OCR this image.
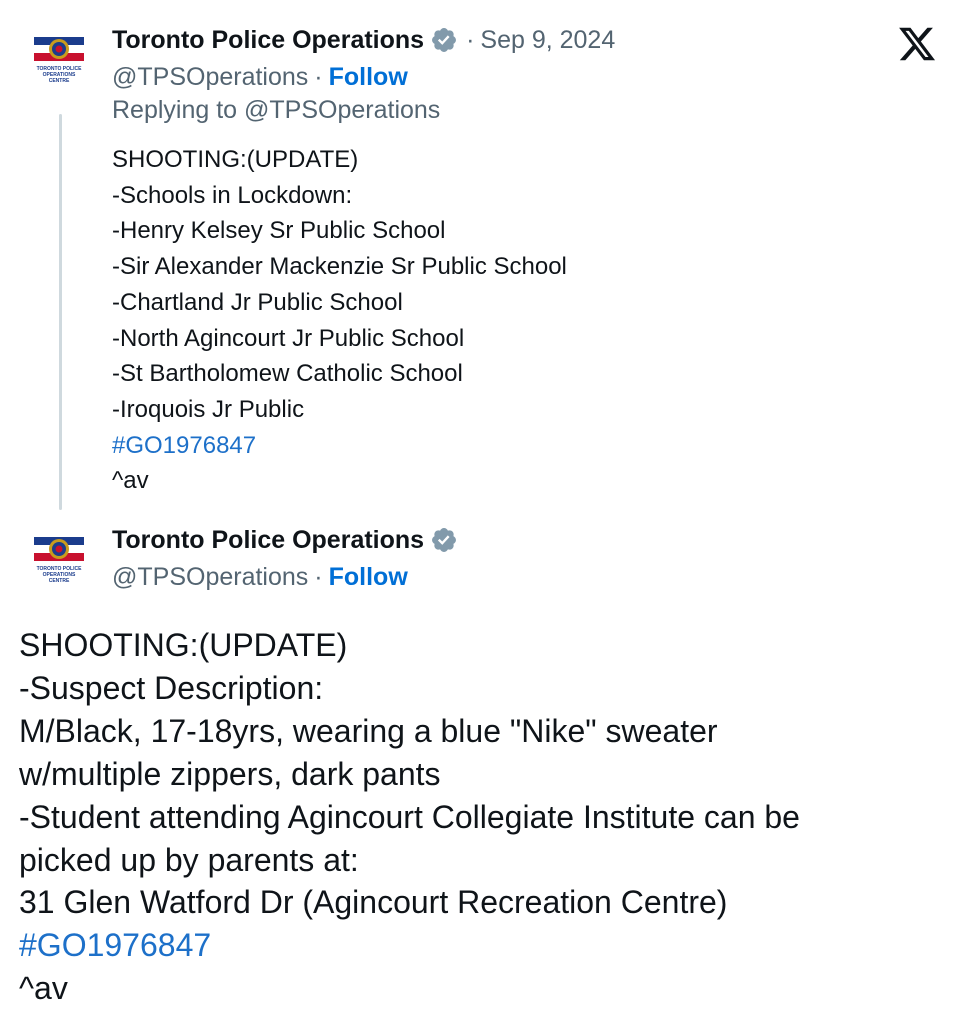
TORONTO POLICE
OPERATIONS
CENTRE
Toronto Police Operations · Sep 9, 2024
@TPSOperations · Follow
Replying to @TPSOperations
SHOOTING:(UPDATE)
-Schools in Lockdown:
-Henry Kelsey Sr Public School
-Sir Alexander Mackenzie Sr Public School
-Chartland Jr Public School
-North Agincourt Jr Public School
-St Bartholomew Catholic School
-Iroquois Jr Public
#GO1976847
^av
TORONTO POLICE
OPERATIONS
CENTRE
Toronto Police Operations
@TPSOperations · Follow
SHOOTING:(UPDATE)
-Suspect Description:
M/Black, 17-18yrs, wearing a blue "Nike" sweater
w/multiple zippers, dark pants
-Student attending Agincourt Collegiate Institute can be
picked up by parents at:
31 Glen Watford Dr (Agincourt Recreation Centre)
#GO1976847
^av
